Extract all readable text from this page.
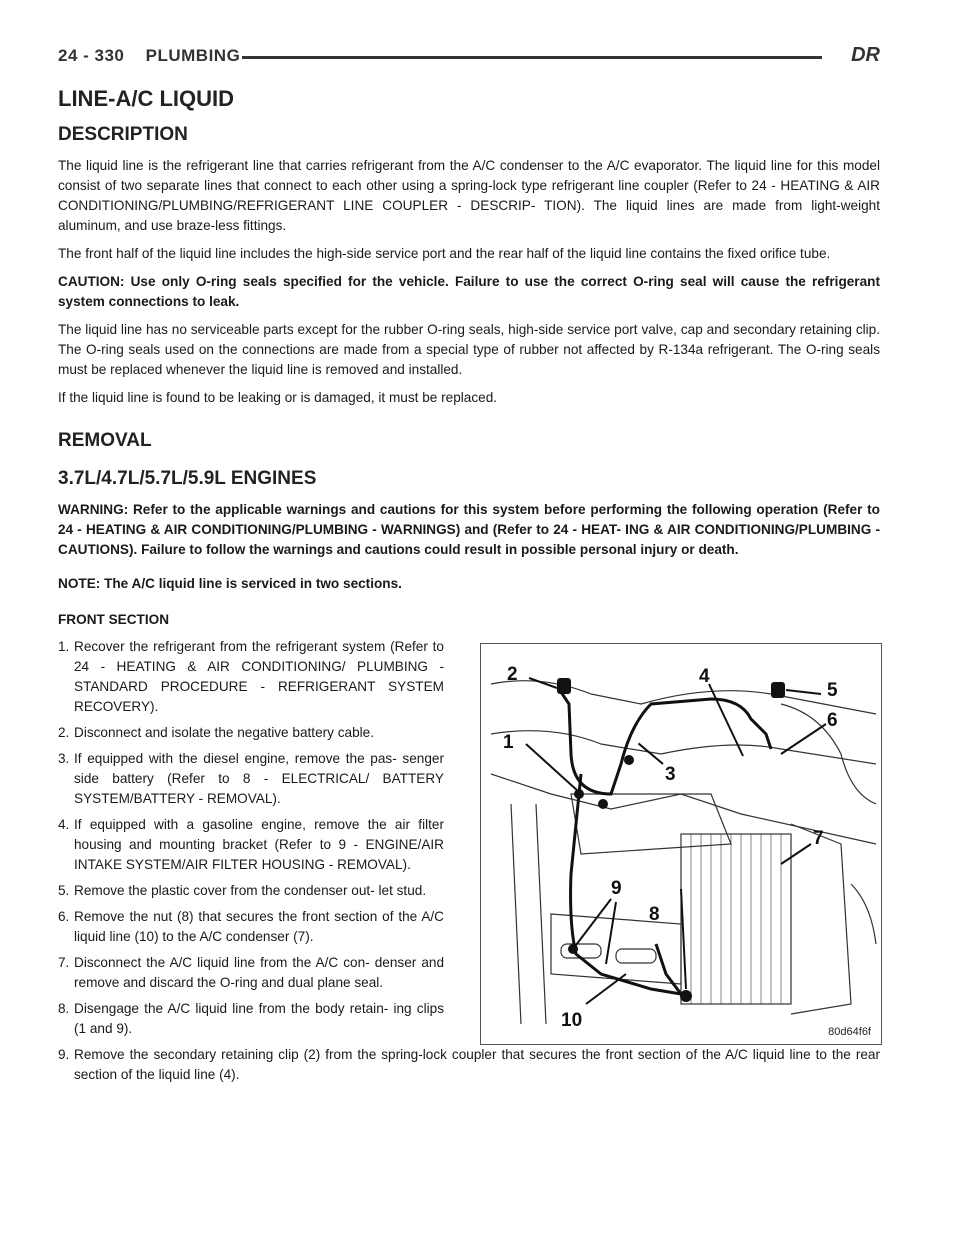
24 - 330 PLUMBING	DR
LINE-A/C LIQUID
DESCRIPTION

The liquid line is the refrigerant line that carries refrigerant from the A/C condenser to the A/C evaporator. The liquid line for this model consist of two separate lines that connect to each other using a spring-lock type refrigerant line coupler (Refer to 24 - HEATING & AIR CONDITIONING/PLUMBING/REFRIGERANT LINE COUPLER - DESCRIP- TION). The liquid lines are made from light-weight aluminum, and use braze-less fittings.

The front half of the liquid line includes the high-side service port and the rear half of the liquid line contains the fixed orifice tube.

CAUTION: Use only O-ring seals specified for the vehicle. Failure to use the correct O-ring seal will cause the refrigerant system connections to leak.

The liquid line has no serviceable parts except for the rubber O-ring seals, high-side service port valve, cap and secondary retaining clip. The O-ring seals used on the connections are made from a special type of rubber not affected by R-134a refrigerant. The O-ring seals must be replaced whenever the liquid line is removed and installed.

If the liquid line is found to be leaking or is damaged, it must be replaced.

REMOVAL
3.7L/4.7L/5.7L/5.9L ENGINES

WARNING: Refer to the applicable warnings and cautions for this system before performing the following operation (Refer to 24 - HEATING & AIR CONDITIONING/PLUMBING - WARNINGS) and (Refer to 24 - HEAT- ING & AIR CONDITIONING/PLUMBING - CAUTIONS). Failure to follow the warnings and cautions could result in possible personal injury or death.

NOTE: The A/C liquid line is serviced in two sections.

FRONT SECTION
1. Recover the refrigerant from the refrigerant system (Refer to 24 - HEATING & AIR CONDITIONING/ PLUMBING - STANDARD PROCEDURE - REFRIGERANT SYSTEM RECOVERY).
2. Disconnect and isolate the negative battery cable.
3. If equipped with the diesel engine, remove the pas- senger side battery (Refer to 8 - ELECTRICAL/ BATTERY SYSTEM/BATTERY - REMOVAL).
4. If equipped with a gasoline engine, remove the air filter housing and mounting bracket (Refer to 9 - ENGINE/AIR INTAKE SYSTEM/AIR FILTER HOUSING - REMOVAL).
5. Remove the plastic cover from the condenser out- let stud.
6. Remove the nut (8) that secures the front section of the A/C liquid line (10) to the A/C condenser (7).
7. Disconnect the A/C liquid line from the A/C con- denser and remove and discard the O-ring and dual plane seal.
8. Disengage the A/C liquid line from the body retain- ing clips (1 and 9).
9. Remove the secondary retaining clip (2) from the spring-lock coupler that secures the front section of the A/C liquid line to the rear section of the liquid line (4).
2	4
5
6
1
3
7
9
8
10
80d64f6f
